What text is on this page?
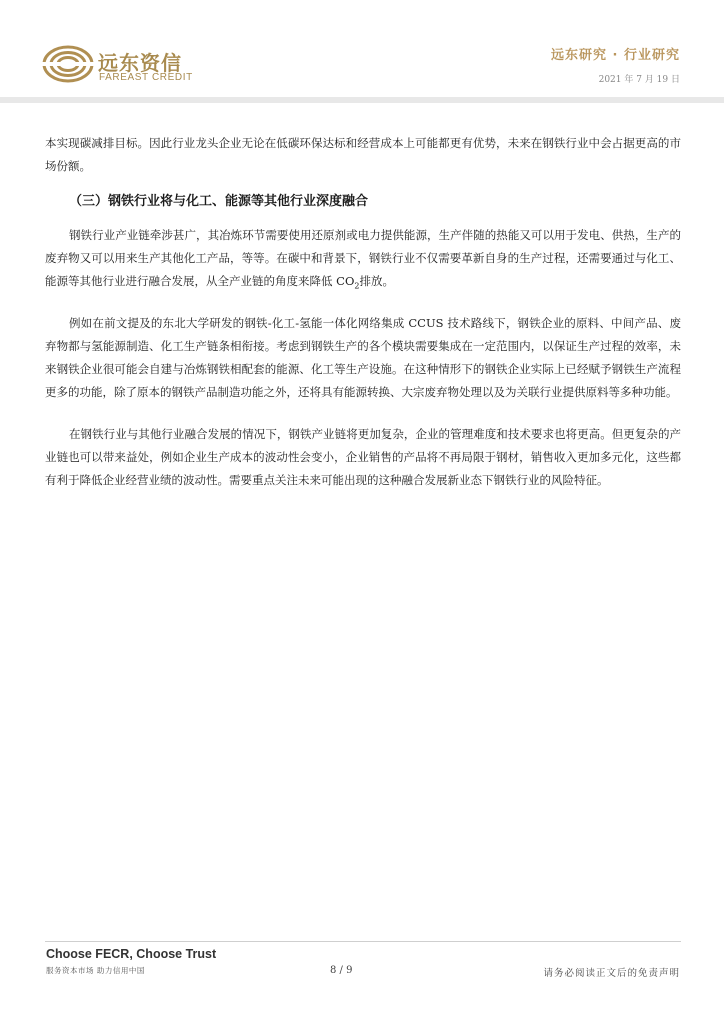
远东资信
FAREAST CREDIT
远东研究 · 行业研究
2021 年 7 月 19 日

本实现碳减排目标。因此行业龙头企业无论在低碳环保达标和经营成本上可能都更有优势，未来在钢铁行业中会占据更高的市场份额。

（三）钢铁行业将与化工、能源等其他行业深度融合

钢铁行业产业链牵涉甚广，其冶炼环节需要使用还原剂或电力提供能源，生产伴随的热能又可以用于发电、供热，生产的废弃物又可以用来生产其他化工产品，等等。在碳中和背景下，钢铁行业不仅需要革新自身的生产过程，还需要通过与化工、能源等其他行业进行融合发展，从全产业链的角度来降低 $CO_2$排放。

例如在前文提及的东北大学研发的钢铁-化工-氢能一体化网络集成 CCUS 技术路线下，钢铁企业的原料、中间产品、废弃物都与氢能源制造、化工生产链条相衔接。考虑到钢铁生产的各个模块需要集成在一定范围内，以保证生产过程的效率，未来钢铁企业很可能会自建与冶炼钢铁相配套的能源、化工等生产设施。在这种情形下的钢铁企业实际上已经赋予钢铁生产流程更多的功能，除了原本的钢铁产品制造功能之外，还将具有能源转换、大宗废弃物处理以及为关联行业提供原料等多种功能。

在钢铁行业与其他行业融合发展的情况下，钢铁产业链将更加复杂，企业的管理难度和技术要求也将更高。但更复杂的产业链也可以带来益处，例如企业生产成本的波动性会变小，企业销售的产品将不再局限于钢材，销售收入更加多元化，这些都有利于降低企业经营业绩的波动性。需要重点关注未来可能出现的这种融合发展新业态下钢铁行业的风险特征。

Choose FECR, Choose Trust
服务资本市场 助力信用中国	8 / 9	请务必阅读正文后的免责声明
